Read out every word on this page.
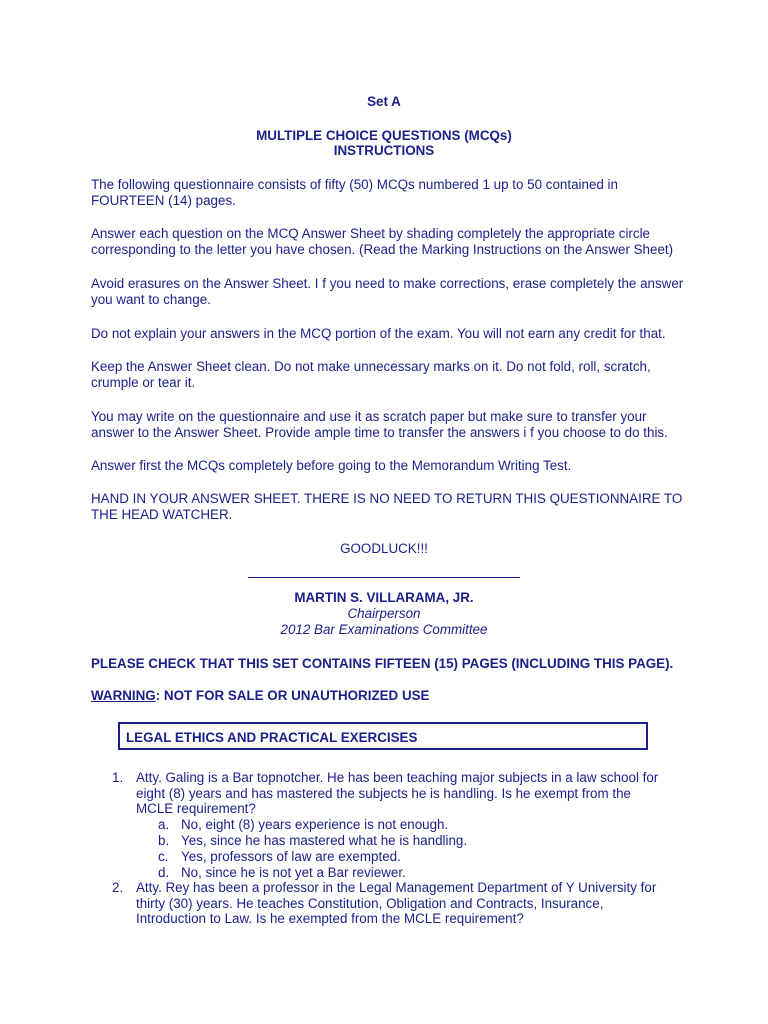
Set A
MULTIPLE CHOICE QUESTIONS (MCQs)
INSTRUCTIONS

The following questionnaire consists of fifty (50) MCQs numbered 1 up to 50 contained in FOURTEEN (14) pages.

Answer each question on the MCQ Answer Sheet by shading completely the appropriate circle corresponding to the letter you have chosen. (Read the Marking Instructions on the Answer Sheet)

Avoid erasures on the Answer Sheet. I f you need to make corrections, erase completely the answer you want to change.

Do not explain your answers in the MCQ portion of the exam. You will not earn any credit for that.

Keep the Answer Sheet clean. Do not make unnecessary marks on it. Do not fold, roll, scratch, crumple or tear it.

You may write on the questionnaire and use it as scratch paper but make sure to transfer your answer to the Answer Sheet. Provide ample time to transfer the answers i f you choose to do this.

Answer first the MCQs completely before going to the Memorandum Writing Test.

HAND IN YOUR ANSWER SHEET. THERE IS NO NEED TO RETURN THIS QUESTIONNAIRE TO THE HEAD WATCHER.

GOODLUCK!!!
MARTIN S. VILLARAMA, JR.
Chairperson
2012 Bar Examinations Committee
PLEASE CHECK THAT THIS SET CONTAINS FIFTEEN (15) PAGES (INCLUDING THIS PAGE).
WARNING: NOT FOR SALE OR UNAUTHORIZED USE
LEGAL ETHICS AND PRACTICAL EXERCISES
1. Atty. Galing is a Bar topnotcher. He has been teaching major subjects in a law school for eight (8) years and has mastered the subjects he is handling. Is he exempt from the MCLE requirement?
a. No, eight (8) years experience is not enough.
b. Yes, since he has mastered what he is handling.
c. Yes, professors of law are exempted.
d. No, since he is not yet a Bar reviewer.
2. Atty. Rey has been a professor in the Legal Management Department of Y University for thirty (30) years. He teaches Constitution, Obligation and Contracts, Insurance, Introduction to Law. Is he exempted from the MCLE requirement?
